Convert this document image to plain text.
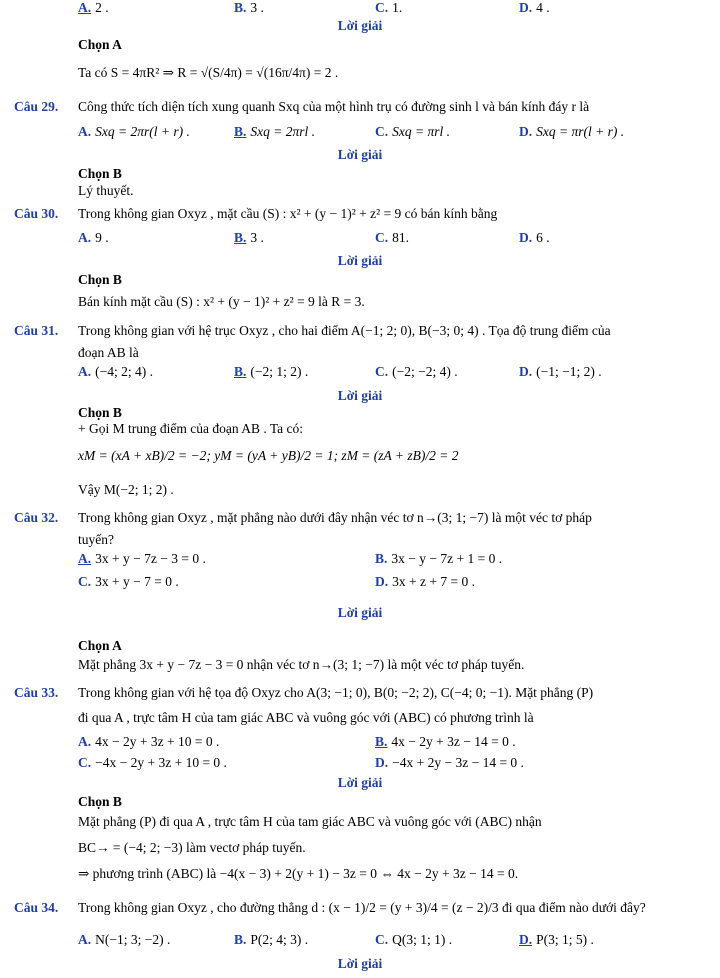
A. 2 .	B. 3 .	C. 1.	D. 4 .
Lời giải
Chọn A
Ta có S = 4πR² ⇒ R = √(S/4π) = √(16π/4π) = 2 .
Câu 29. Công thức tích diện tích xung quanh Sxq của một hình trụ có đường sinh l và bán kính đáy r là
A. Sxq = 2πr(l + r) .	B. Sxq = 2πrl .	C. Sxq = πrl .	D. Sxq = πr(l + r) .
Lời giải
Chọn B
Lý thuyết.
Câu 30. Trong không gian Oxyz , mặt cầu (S) : x² + (y − 1)² + z² = 9 có bán kính bằng
A. 9 .	B. 3 .	C. 81.	D. 6 .
Lời giải
Chọn B
Bán kính mặt cầu (S) : x² + (y − 1)² + z² = 9 là R = 3.
Câu 31. Trong không gian với hệ trục Oxyz , cho hai điểm A(−1; 2; 0), B(−3; 0; 4) . Tọa độ trung điểm của
đoạn AB là
A. (−4; 2; 4) .	B. (−2; 1; 2) .	C. (−2; −2; 4) .	D. (−1; −1; 2) .
Lời giải
Chọn B
+ Gọi M trung điểm của đoạn AB . Ta có:
xM = (xA + xB)/2 = −2; yM = (yA + yB)/2 = 1; zM = (zA + zB)/2 = 2
Vậy M(−2; 1; 2) .
Câu 32. Trong không gian Oxyz , mặt phẳng nào dưới đây nhận véc tơ n→(3; 1; −7) là một véc tơ pháp
tuyến?
A. 3x + y − 7z − 3 = 0 .	B. 3x − y − 7z + 1 = 0 .
C. 3x + y − 7 = 0 .	D. 3x + z + 7 = 0 .
Lời giải
Chọn A
Mặt phẳng 3x + y − 7z − 3 = 0 nhận véc tơ n→(3; 1; −7) là một véc tơ pháp tuyến.
Câu 33. Trong không gian với hệ tọa độ Oxyz cho A(3; −1; 0), B(0; −2; 2), C(−4; 0; −1). Mặt phẳng (P)
đi qua A , trực tâm H của tam giác ABC và vuông góc với (ABC) có phương trình là
A. 4x − 2y + 3z + 10 = 0 .	B. 4x − 2y + 3z − 14 = 0 .
C. −4x − 2y + 3z + 10 = 0 .	D. −4x + 2y − 3z − 14 = 0 .
Lời giải
Chọn B
Mặt phẳng (P) đi qua A , trực tâm H của tam giác ABC và vuông góc với (ABC) nhận
BC→ = (−4; 2; −3) làm vectơ pháp tuyến.
⇒ phương trình (ABC) là −4(x − 3) + 2(y + 1) − 3z = 0 ⇔ 4x − 2y + 3z − 14 = 0.
Câu 34. Trong không gian Oxyz , cho đường thẳng d : (x − 1)/2 = (y + 3)/4 = (z − 2)/3 đi qua điểm nào dưới đây?
A. N(−1; 3; −2) .	B. P(2; 4; 3) .	C. Q(3; 1; 1) .	D. P(3; 1; 5) .
Lời giải
